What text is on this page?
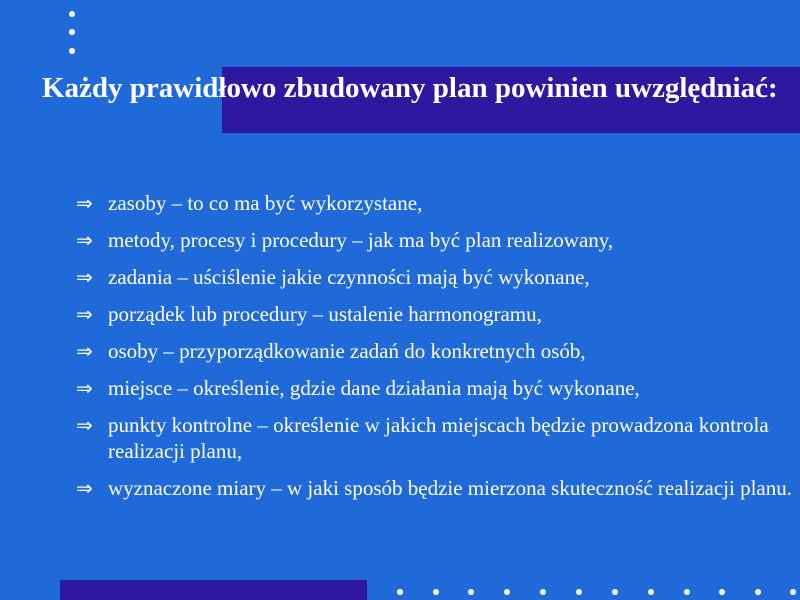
Każdy prawidłowo zbudowany plan powinien uwzględniać:
⇒ zasoby – to co ma być wykorzystane,
⇒ metody, procesy i procedury – jak ma być plan realizowany,
⇒ zadania – uściślenie jakie czynności mają być wykonane,
⇒ porządek lub procedury – ustalenie harmonogramu,
⇒ osoby – przyporządkowanie zadań do konkretnych osób,
⇒ miejsce – określenie, gdzie dane działania mają być wykonane,
⇒ punkty kontrolne – określenie w jakich miejscach będzie prowadzona kontrola realizacji planu,
⇒ wyznaczone miary – w jaki sposób będzie mierzona skuteczność realizacji planu.
